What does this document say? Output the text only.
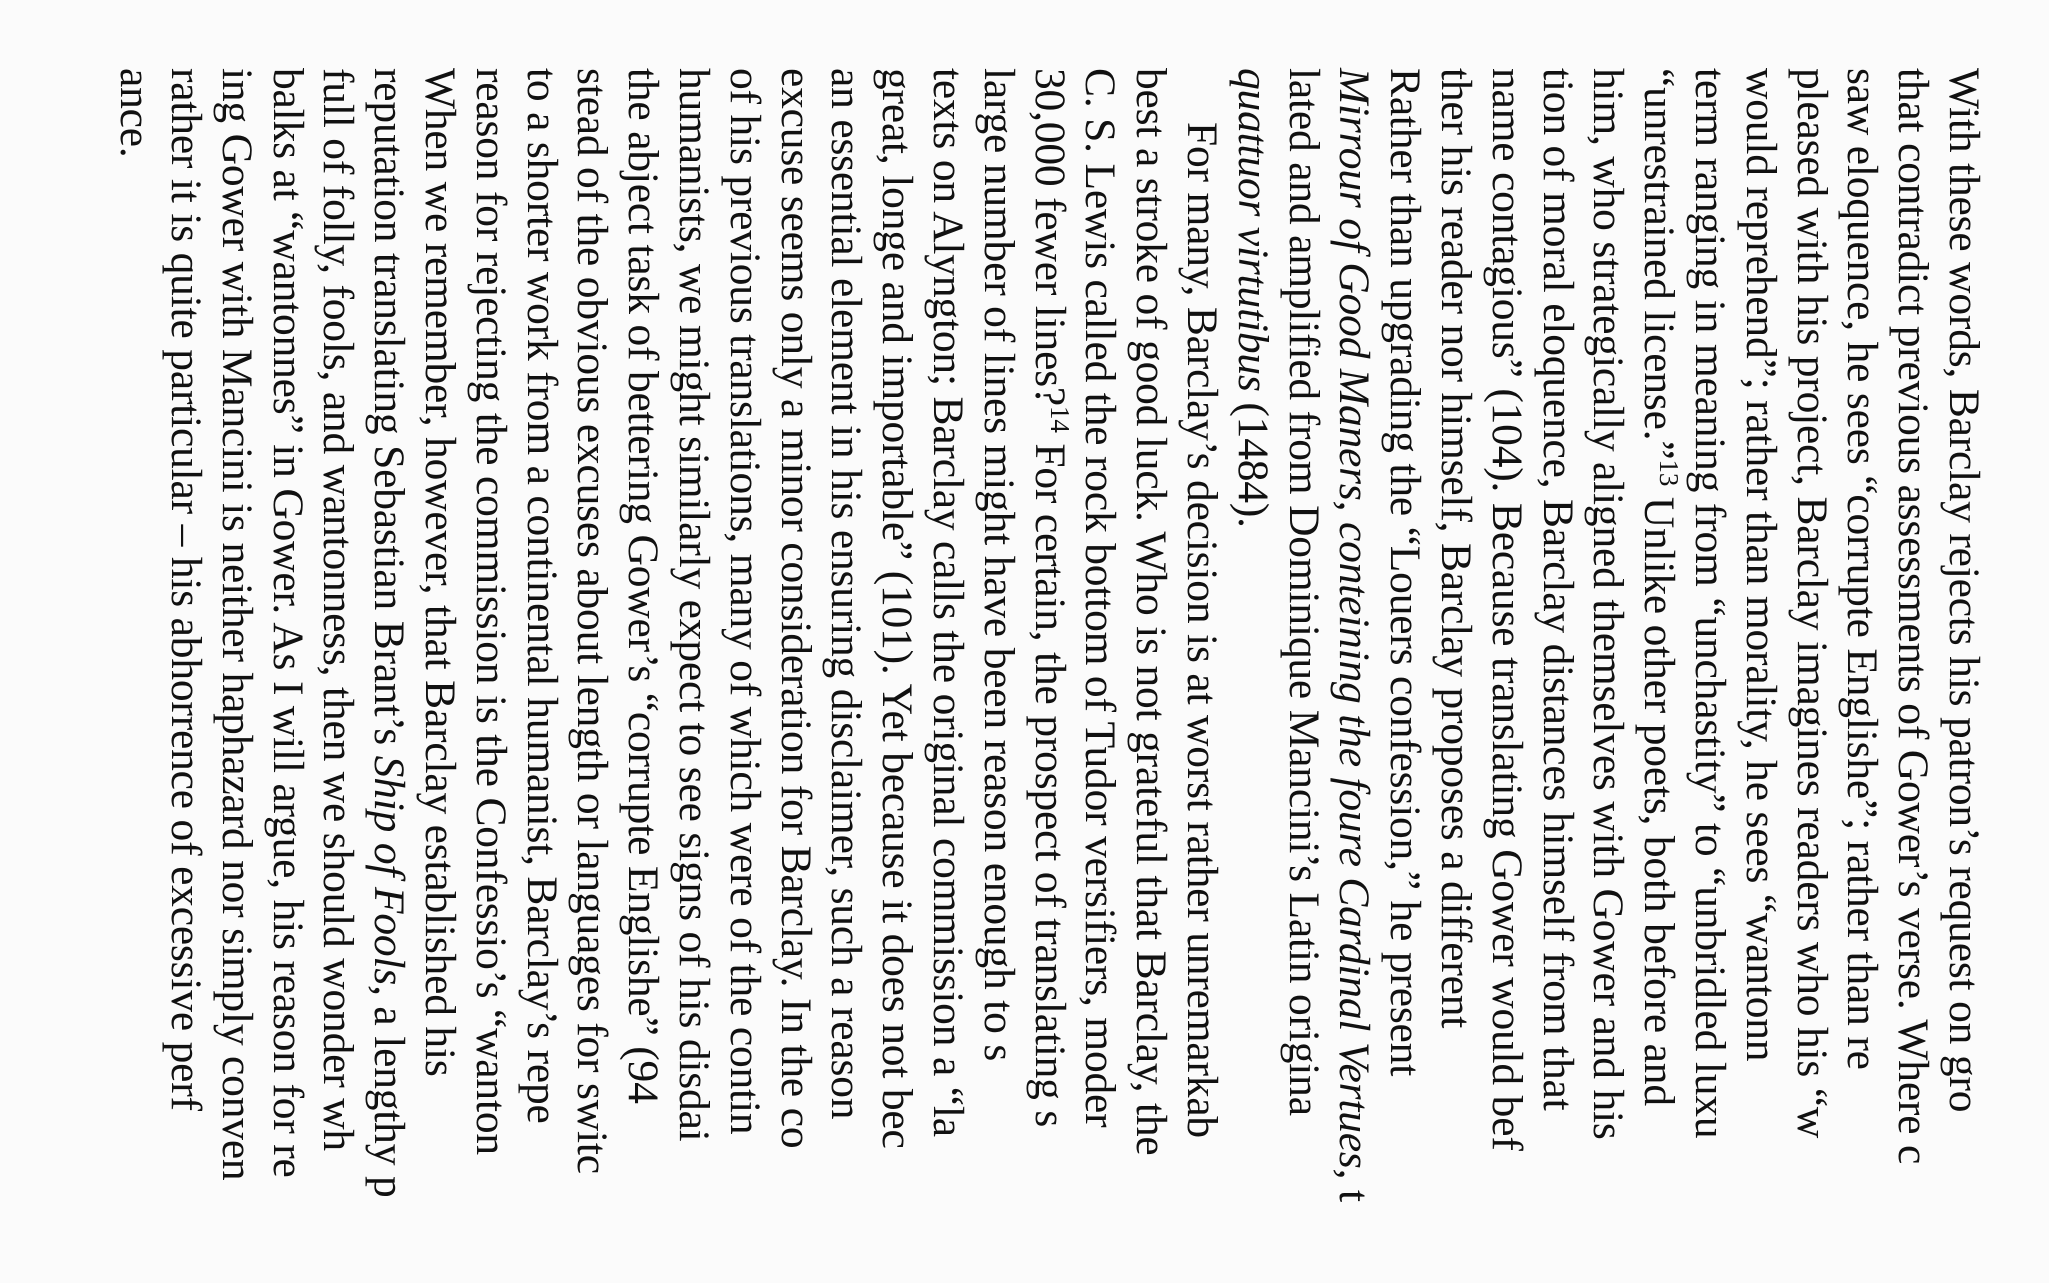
With these words, Barclay rejects his patron’s request on gro
that contradict previous assessments of Gower’s verse. Where c
saw eloquence, he sees “corrupte Englishe”; rather than re
pleased with his project, Barclay imagines readers who his “w
would reprehend”; rather than morality, he sees “wantonn
term ranging in meaning from “unchastity” to “unbridled luxu
“unrestrained license.”$^{13}$ Unlike other poets, both before and
him, who strategically aligned themselves with Gower and his
tion of moral eloquence, Barclay distances himself from that
name contagious” (104). Because translating Gower would bef
ther his reader nor himself, Barclay proposes a different
Rather than upgrading the “Louers confession,” he present
Mirrour of Good Maners, conteining the foure Cardinal Vertues, t
lated and amplified from Dominique Mancini’s Latin origina
quattuor virtutibus (1484).
For many, Barclay’s decision is at worst rather unremarkab
best a stroke of good luck. Who is not grateful that Barclay, the
C. S. Lewis called the rock bottom of Tudor versifiers, moder
30,000 fewer lines?$^{14}$ For certain, the prospect of translating s
large number of lines might have been reason enough to s
texts on Alyngton; Barclay calls the original commission a “la
great, longe and importable” (101). Yet because it does not bec
an essential element in his ensuring disclaimer, such a reason
excuse seems only a minor consideration for Barclay. In the co
of his previous translations, many of which were of the contin
humanists, we might similarly expect to see signs of his disdai
the abject task of bettering Gower’s “corrupte Englishe” (94
stead of the obvious excuses about length or languages for switc
to a shorter work from a continental humanist, Barclay’s repe
reason for rejecting the commission is the Confessio’s “wanton
When we remember, however, that Barclay established his
reputation translating Sebastian Brant’s Ship of Fools, a lengthy p
full of folly, fools, and wantonness, then we should wonder wh
balks at “wantonnes” in Gower. As I will argue, his reason for re
ing Gower with Mancini is neither haphazard nor simply conven
rather it is quite particular – his abhorrence of excessive perf
ance.
